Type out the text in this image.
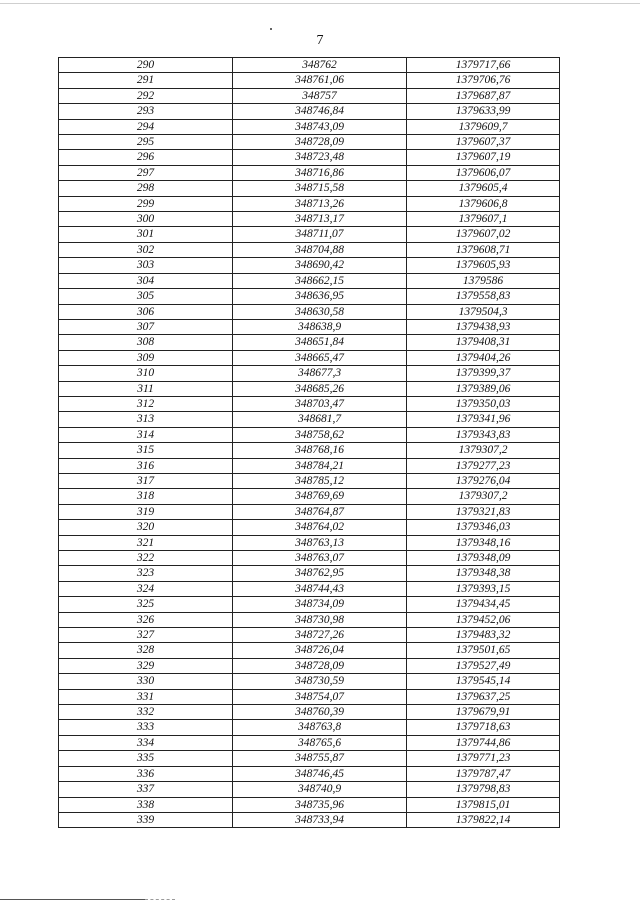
7
290	348762	1379717,66
291	348761,06	1379706,76
292	348757	1379687,87
293	348746,84	1379633,99
294	348743,09	1379609,7
295	348728,09	1379607,37
296	348723,48	1379607,19
297	348716,86	1379606,07
298	348715,58	1379605,4
299	348713,26	1379606,8
300	348713,17	1379607,1
301	348711,07	1379607,02
302	348704,88	1379608,71
303	348690,42	1379605,93
304	348662,15	1379586
305	348636,95	1379558,83
306	348630,58	1379504,3
307	348638,9	1379438,93
308	348651,84	1379408,31
309	348665,47	1379404,26
310	348677,3	1379399,37
311	348685,26	1379389,06
312	348703,47	1379350,03
313	348681,7	1379341,96
314	348758,62	1379343,83
315	348768,16	1379307,2
316	348784,21	1379277,23
317	348785,12	1379276,04
318	348769,69	1379307,2
319	348764,87	1379321,83
320	348764,02	1379346,03
321	348763,13	1379348,16
322	348763,07	1379348,09
323	348762,95	1379348,38
324	348744,43	1379393,15
325	348734,09	1379434,45
326	348730,98	1379452,06
327	348727,26	1379483,32
328	348726,04	1379501,65
329	348728,09	1379527,49
330	348730,59	1379545,14
331	348754,07	1379637,25
332	348760,39	1379679,91
333	348763,8	1379718,63
334	348765,6	1379744,86
335	348755,87	1379771,23
336	348746,45	1379787,47
337	348740,9	1379798,83
338	348735,96	1379815,01
339	348733,94	1379822,14
